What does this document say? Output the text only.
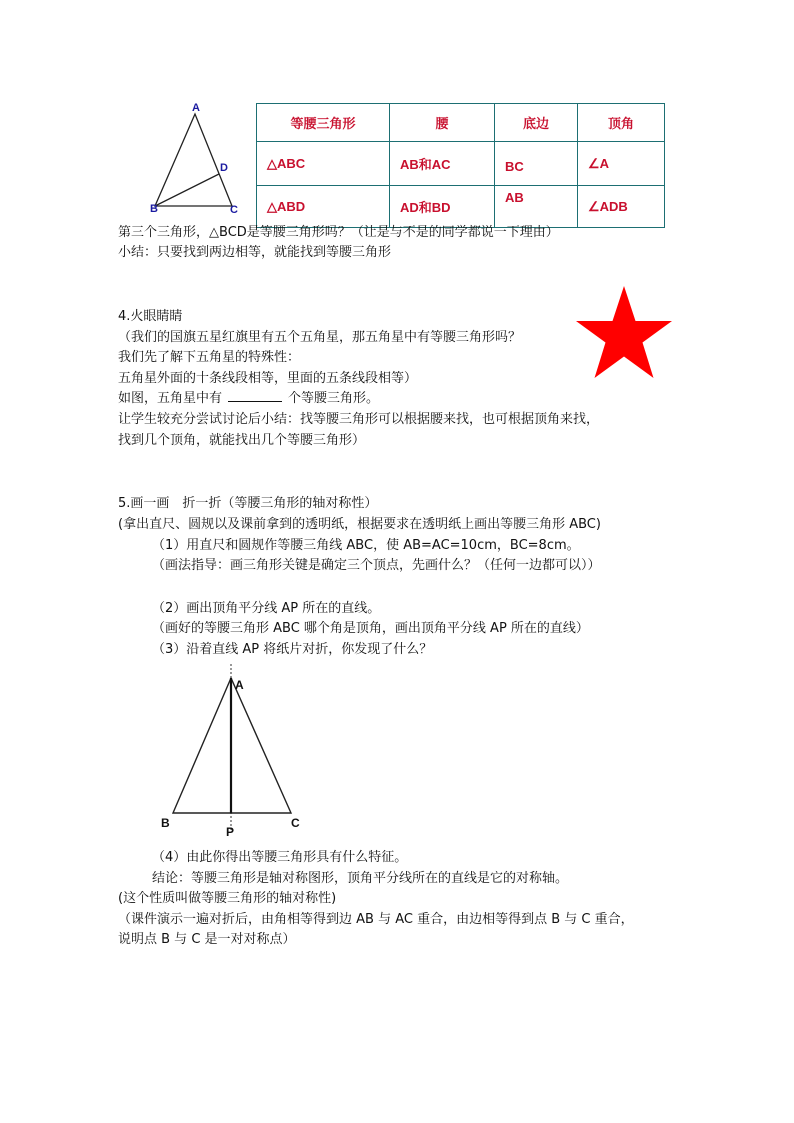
A
D
B	C
等腰三角形	腰	底边	顶角
△ABC	AB和AC	BC	∠A
△ABD	AD和BD	AB	∠ADB
第三个三角形，△BCD是等腰三角形吗？（让是与不是的同学都说一下理由）
小结：只要找到两边相等，就能找到等腰三角形
4.火眼睛睛
（我们的国旗五星红旗里有五个五角星，那五角星中有等腰三角形吗？
我们先了解下五角星的特殊性：
五角星外面的十条线段相等，里面的五条线段相等）
如图，五角星中有	个等腰三角形。
让学生较充分尝试讨论后小结：找等腰三角形可以根据腰来找，也可根据顶角来找，
找到几个顶角，就能找出几个等腰三角形）
5.画一画　折一折（等腰三角形的轴对称性）
(拿出直尺、圆规以及课前拿到的透明纸，根据要求在透明纸上画出等腰三角形 ABC)
（1）用直尺和圆规作等腰三角线 ABC，使 AB=AC=10cm，BC=8cm。
（画法指导：画三角形关键是确定三个顶点，先画什么？（任何一边都可以））
（2）画出顶角平分线 AP 所在的直线。
（画好的等腰三角形 ABC 哪个角是顶角，画出顶角平分线 AP 所在的直线）
（3）沿着直线 AP 将纸片对折，你发现了什么？
A
B	C
P
（4）由此你得出等腰三角形具有什么特征。
结论：等腰三角形是轴对称图形，顶角平分线所在的直线是它的对称轴。
(这个性质叫做等腰三角形的轴对称性)
（课件演示一遍对折后，由角相等得到边 AB 与 AC 重合，由边相等得到点 B 与 C 重合，
说明点 B 与 C 是一对对称点）
